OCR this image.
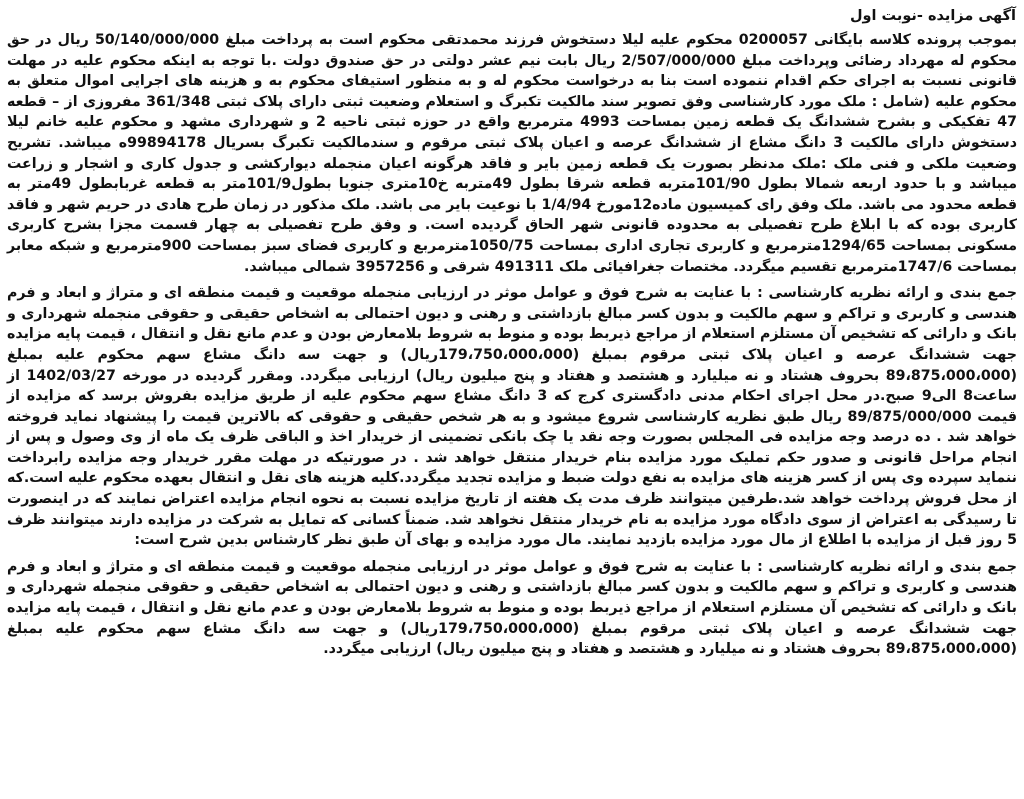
آگهی مزایده -نوبت اول

بموجب پرونده کلاسه بایگانی 0200057 محکوم علیه لیلا دستخوش فرزند محمدتقی محکوم است به پرداخت مبلغ 50/140/000/000 ریال در حق محکوم له مهرداد رضائی وپرداخت مبلغ 2/507/000/000 ریال بابت نیم عشر دولتی در حق صندوق دولت .با توجه به اینکه محکوم علیه در مهلت قانونی نسبت به اجرای حکم اقدام ننموده است بنا به درخواست محکوم له و به منظور استیفای محکوم به و هزینه های اجرایی اموال متعلق به محکوم علیه (شامل : ملک مورد کارشناسی وفق تصویر سند مالکیت تکبرگ و استعلام وضعیت ثبتی دارای پلاک ثبتی 361/348 مفروزی از – قطعه 47 تفکیکی و بشرح ششدانگ یک قطعه زمین بمساحت 4993 مترمربع واقع در حوزه ثبتی ناحیه 2 و شهرداری مشهد و محکوم علیه خانم لیلا دستخوش دارای مالکیت 3 دانگ مشاع از ششدانگ عرصه و اعیان پلاک ثبتی مرقوم و سندمالکیت تکبرگ بسریال 99894178ه میباشد. تشریح وضعیت ملکی و فنی ملک :ملک مدنظر بصورت یک قطعه زمین بایر و فاقد هرگونه اعیان منجمله دیوارکشی و جدول کاری و اشجار و زراعت میباشد و با حدود اربعه شمالا بطول 101/90متربه قطعه شرقا بطول 49متربه خ10متری جنوبا بطول101/9متر به قطعه غربابطول 49متر به قطعه محدود می باشد. ملک وفق رای کمیسیون ماده12مورخ 1/4/94 با نوعیت بایر می باشد. ملک مذکور در زمان طرح هادی در حریم شهر و فاقد کاربری بوده که با ابلاغ طرح تفصیلی به محدوده قانونی شهر الحاق گردیده است. و وفق طرح تفصیلی به چهار قسمت مجزا بشرح کاربری مسکونی بمساحت 1294/65مترمربع و کاربری تجاری اداری بمساحت 1050/75مترمربع و کاربری فضای سبز بمساحت 900مترمربع و شبکه معابر بمساحت 1747/6مترمربع تقسیم میگردد. مختصات جغرافیائی ملک 491311 شرقی و 3957256 شمالی میباشد.

جمع بندی و ارائه نظریه کارشناسی : با عنایت به شرح فوق و عوامل موثر در ارزیابی منجمله موقعیت و قیمت منطقه ای و متراژ و ابعاد و فرم هندسی و کاربری و تراکم و سهم مالکیت و بدون کسر مبالغ بازداشتی و رهنی و دیون احتمالی به اشخاص حقیقی و حقوقی منجمله شهرداری و بانک و دارائی که تشخیص آن مستلزم استعلام از مراجع ذیربط بوده و منوط به شروط بلامعارض بودن و عدم مانع نقل و انتقال ، قیمت پایه مزایده جهت ششدانگ عرصه و اعیان پلاک ثبتی مرقوم بمبلغ (179،750،000،000ریال) و جهت سه دانگ مشاع سهم محکوم علیه بمبلغ (89،875،000،000 بحروف هشتاد و نه میلیارد و هشتصد و هفتاد و پنج میلیون ریال) ارزیابی میگردد. ومقرر گردیده در مورخه 1402/03/27 از ساعت8 الی9 صبح.در محل اجرای احکام مدنی دادگستری کرج که 3 دانگ مشاع سهم محکوم علیه از طریق مزایده بفروش برسد که مزایده از قیمت 89/875/000/000 ریال طبق نظریه کارشناسی شروع میشود و به هر شخص حقیقی و حقوقی که بالاترین قیمت را پیشنهاد نماید فروخته خواهد شد . ده درصد وجه مزایده فی المجلس بصورت وجه نقد یا چک بانکی تضمینی از خریدار اخذ و الباقی ظرف یک ماه از وی وصول و پس از انجام مراحل قانونی و صدور حکم تملیک مورد مزایده بنام خریدار منتقل خواهد شد . در صورتیکه در مهلت مقرر خریدار وجه مزایده رابرداخت ننماید سپرده وی پس از کسر هزینه های مزایده به نفع دولت ضبط و مزایده تجدید میگردد.کلیه هزینه های نقل و انتقال بعهده محکوم علیه است.که از محل فروش پرداخت خواهد شد.طرفین میتوانند ظرف مدت یک هفته از تاریخ مزایده نسبت به نحوه انجام مزایده اعتراض نمایند که در اینصورت تا رسیدگی به اعتراض از سوی دادگاه مورد مزایده به نام خریدار منتقل نخواهد شد. ضمناً کسانی که تمایل به شرکت در مزایده دارند میتوانند ظرف 5 روز قبل از مزایده با اطلاع از مال مورد مزایده بازدید نمایند. مال مورد مزایده و بهای آن طبق نظر کارشناس بدین شرح است:

جمع بندی و ارائه نظریه کارشناسی : با عنایت به شرح فوق و عوامل موثر در ارزیابی منجمله موقعیت و قیمت منطقه ای و متراژ و ابعاد و فرم هندسی و کاربری و تراکم و سهم مالکیت و بدون کسر مبالغ بازداشتی و رهنی و دیون احتمالی به اشخاص حقیقی و حقوقی منجمله شهرداری و بانک و دارائی که تشخیص آن مستلزم استعلام از مراجع ذیربط بوده و منوط به شروط بلامعارض بودن و عدم مانع نقل و انتقال ، قیمت پایه مزایده جهت ششدانگ عرصه و اعیان پلاک ثبتی مرقوم بمبلغ (179،750،000،000ریال) و جهت سه دانگ مشاع سهم محکوم علیه بمبلغ (89،875،000،000 بحروف هشتاد و نه میلیارد و هشتصد و هفتاد و پنج میلیون ریال) ارزیابی میگردد.
